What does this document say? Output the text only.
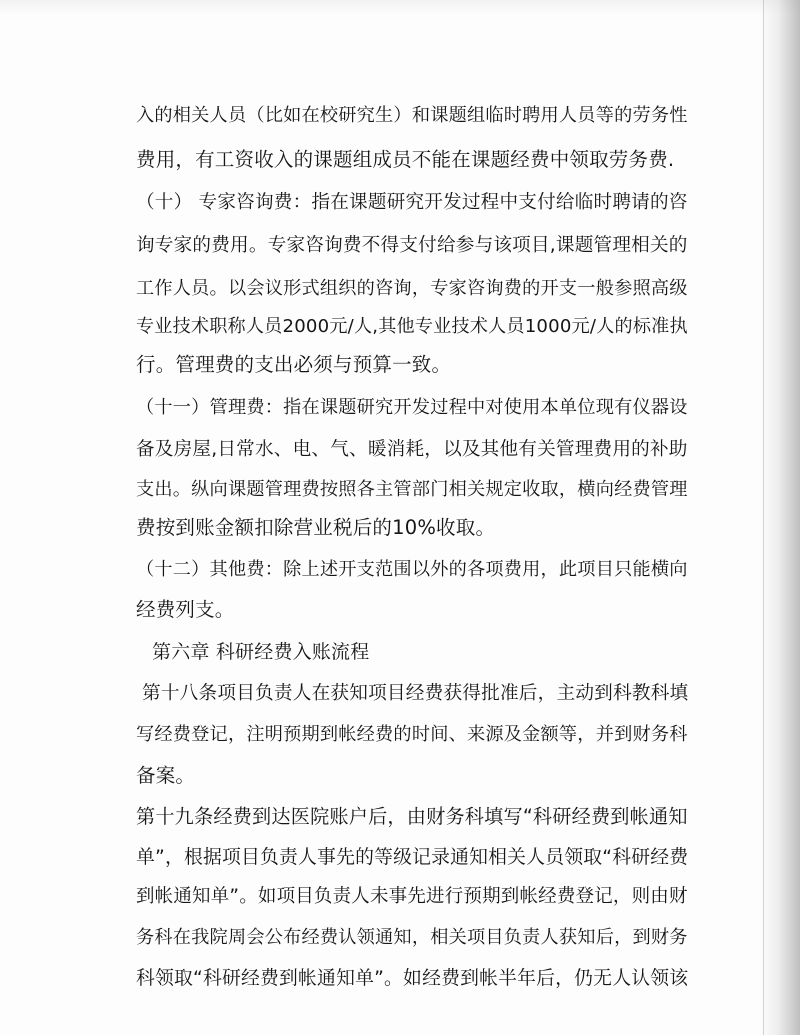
入的相关人员（比如在校研究生）和课题组临时聘用人员等的劳务性
费用，有工资收入的课题组成员不能在课题经费中领取劳务费.
（十） 专家咨询费：指在课题研究开发过程中支付给临时聘请的咨
询专家的费用。专家咨询费不得支付给参与该项目,课题管理相关的
工作人员。以会议形式组织的咨询，专家咨询费的开支一般参照高级
专业技术职称人员2000元/人,其他专业技术人员1000元/人的标准执
行。管理费的支出必须与预算一致。
（十一）管理费：指在课题研究开发过程中对使用本单位现有仪器设
备及房屋,日常水、电、气、暖消耗，以及其他有关管理费用的补助
支出。纵向课题管理费按照各主管部门相关规定收取，横向经费管理
费按到账金额扣除营业税后的10%收取。
（十二）其他费：除上述开支范围以外的各项费用，此项目只能横向
经费列支。
第六章 科研经费入账流程
第十八条项目负责人在获知项目经费获得批准后，主动到科教科填
写经费登记，注明预期到帐经费的时间、来源及金额等，并到财务科
备案。
第十九条经费到达医院账户后，由财务科填写“科研经费到帐通知
单”，根据项目负责人事先的等级记录通知相关人员领取“科研经费
到帐通知单”。如项目负责人未事先进行预期到帐经费登记，则由财
务科在我院周会公布经费认领通知，相关项目负责人获知后，到财务
科领取“科研经费到帐通知单”。如经费到帐半年后，仍无人认领该
